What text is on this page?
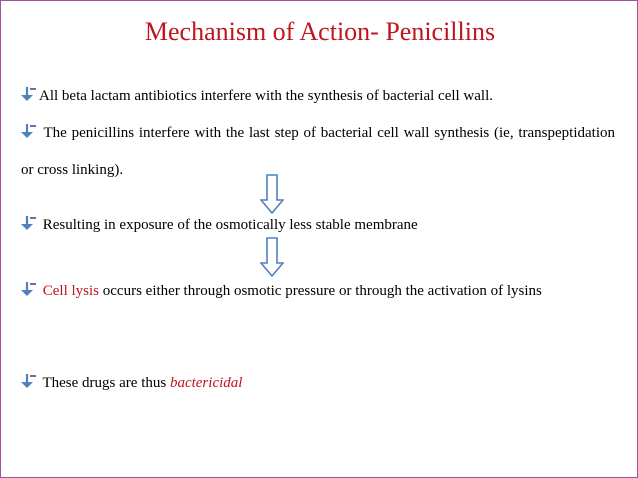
Mechanism of Action- Penicillins
All beta lactam antibiotics interfere with the synthesis of bacterial cell wall.
The penicillins interfere with the last step of bacterial cell wall synthesis (ie, transpeptidation or cross linking).
Resulting in exposure of the osmotically less stable membrane
Cell lysis occurs either through osmotic pressure or through the activation of lysins
These drugs are thus bactericidal
